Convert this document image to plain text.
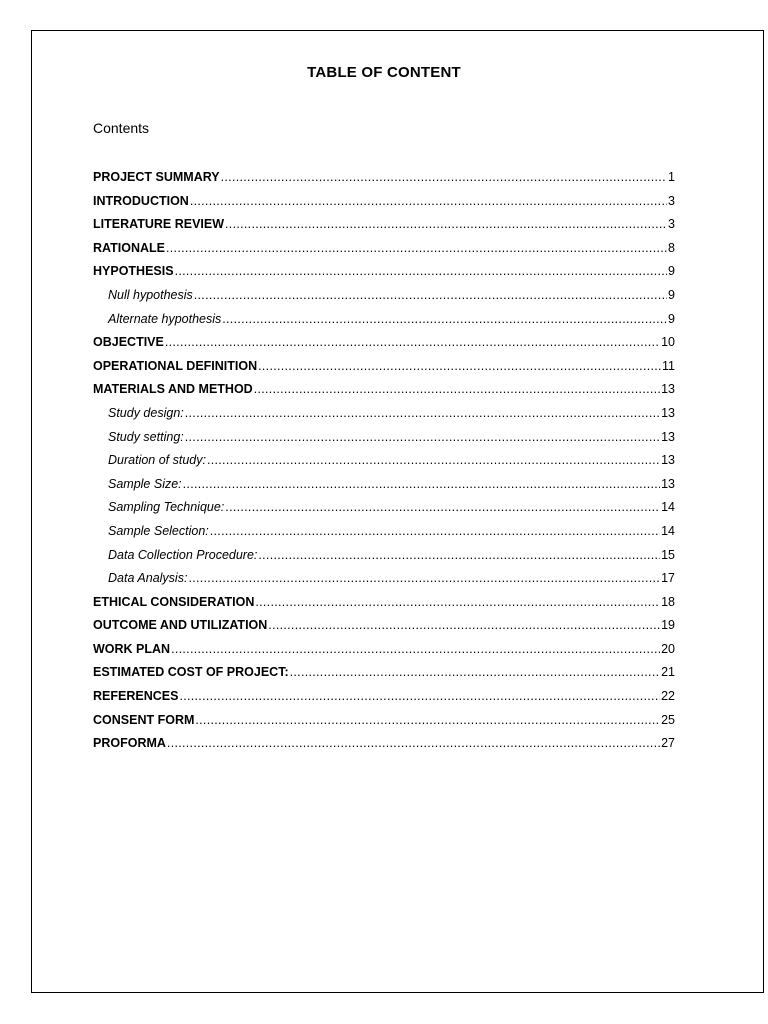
TABLE OF CONTENT
Contents
PROJECT SUMMARY .....	1
INTRODUCTION .....	3
LITERATURE REVIEW .....	3
RATIONALE .....	8
HYPOTHESIS .....	9
Null hypothesis .....	9
Alternate hypothesis .....	9
OBJECTIVE .....	10
OPERATIONAL DEFINITION .....	11
MATERIALS AND METHOD .....	13
Study design: .....	13
Study setting: .....	13
Duration of study: .....	13
Sample Size: .....	13
Sampling Technique: .....	14
Sample Selection: .....	14
Data Collection Procedure: .....	15
Data Analysis: .....	17
ETHICAL CONSIDERATION .....	18
OUTCOME AND UTILIZATION .....	19
WORK PLAN .....	20
ESTIMATED COST OF PROJECT: .....	21
REFERENCES .....	22
CONSENT FORM .....	25
PROFORMA .....	27
